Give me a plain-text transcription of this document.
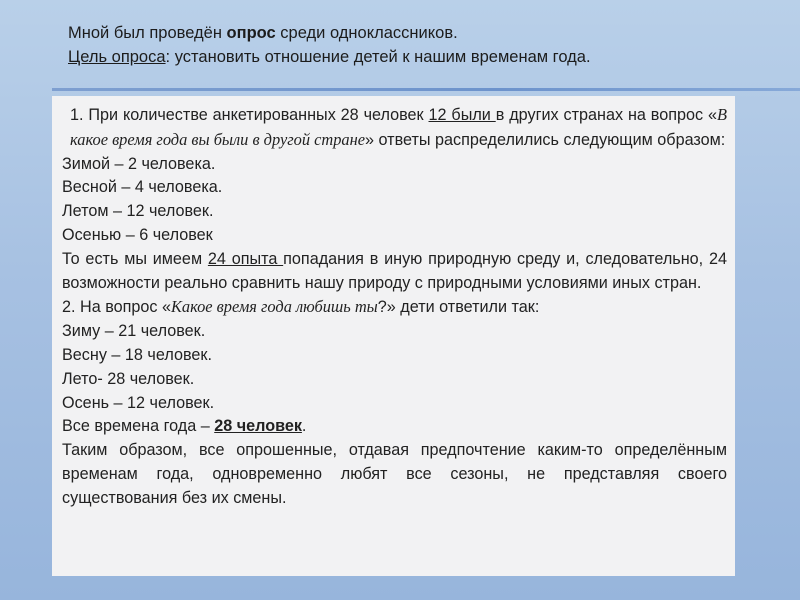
Мной был проведён опрос среди одноклассников.
Цель опроса: установить отношение детей к нашим временам года.

1. При количестве анкетированных 28 человек 12 были в других странах на вопрос «В какое время года вы были в другой стране» ответы распределились следующим образом:

Зимой – 2 человека.

Весной – 4 человека.

Летом – 12 человек.

Осенью – 6 человек

То есть мы имеем 24 опыта попадания в иную природную среду и, следовательно, 24 возможности реально сравнить нашу природу с природными условиями иных стран.

2. На вопрос «Какое время года любишь ты?» дети ответили так:

Зиму – 21 человек.

Весну – 18 человек.

Лето- 28 человек.

Осень – 12 человек.

Все времена года – 28 человек.

Таким образом, все опрошенные, отдавая предпочтение каким-то определённым временам года, одновременно любят все сезоны, не представляя своего существования без их смены.
